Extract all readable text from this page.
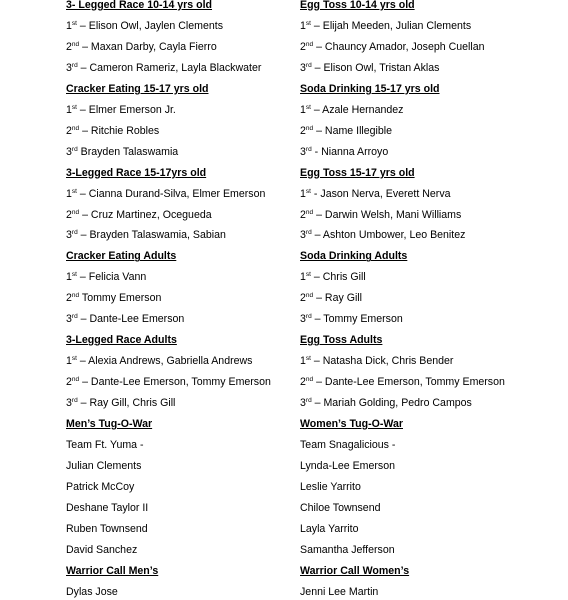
3- Legged Race 10-14 yrs old
1st – Elison Owl, Jaylen Clements
2nd – Maxan Darby, Cayla Fierro
3rd – Cameron Rameriz, Layla Blackwater
Cracker Eating 15-17 yrs old
1st – Elmer Emerson Jr.
2nd – Ritchie Robles
3rd Brayden Talaswamia
3-Legged Race 15-17yrs old
1st – Cianna Durand-Silva, Elmer Emerson
2nd – Cruz Martinez, Ocegueda
3rd – Brayden Talaswamia, Sabian
Cracker Eating Adults
1st – Felicia Vann
2nd Tommy Emerson
3rd – Dante-Lee Emerson
3-Legged Race Adults
1st – Alexia Andrews, Gabriella Andrews
2nd – Dante-Lee Emerson, Tommy Emerson
3rd – Ray Gill, Chris Gill
Men’s Tug-O-War
Team Ft. Yuma -
Julian Clements
Patrick McCoy
Deshane Taylor II
Ruben Townsend
David Sanchez
Warrior Call Men’s
Dylas Jose
Egg Toss 10-14 yrs old
1st – Elijah Meeden, Julian Clements
2nd – Chauncy Amador, Joseph Cuellan
3rd – Elison Owl, Tristan Aklas
Soda Drinking 15-17 yrs old
1st – Azale Hernandez
2nd – Name Illegible
3rd - Nianna Arroyo
Egg Toss 15-17 yrs old
1st - Jason Nerva, Everett Nerva
2nd – Darwin Welsh, Mani Williams
3rd – Ashton Umbower, Leo Benitez
Soda Drinking Adults
1st – Chris Gill
2nd – Ray Gill
3rd – Tommy Emerson
Egg Toss Adults
1st – Natasha Dick, Chris Bender
2nd – Dante-Lee Emerson, Tommy Emerson
3rd – Mariah Golding, Pedro Campos
Women’s Tug-O-War
Team Snagalicious -
Lynda-Lee Emerson
Leslie Yarrito
Chiloe Townsend
Layla Yarrito
Samantha Jefferson
Warrior Call Women’s
Jenni Lee Martin
